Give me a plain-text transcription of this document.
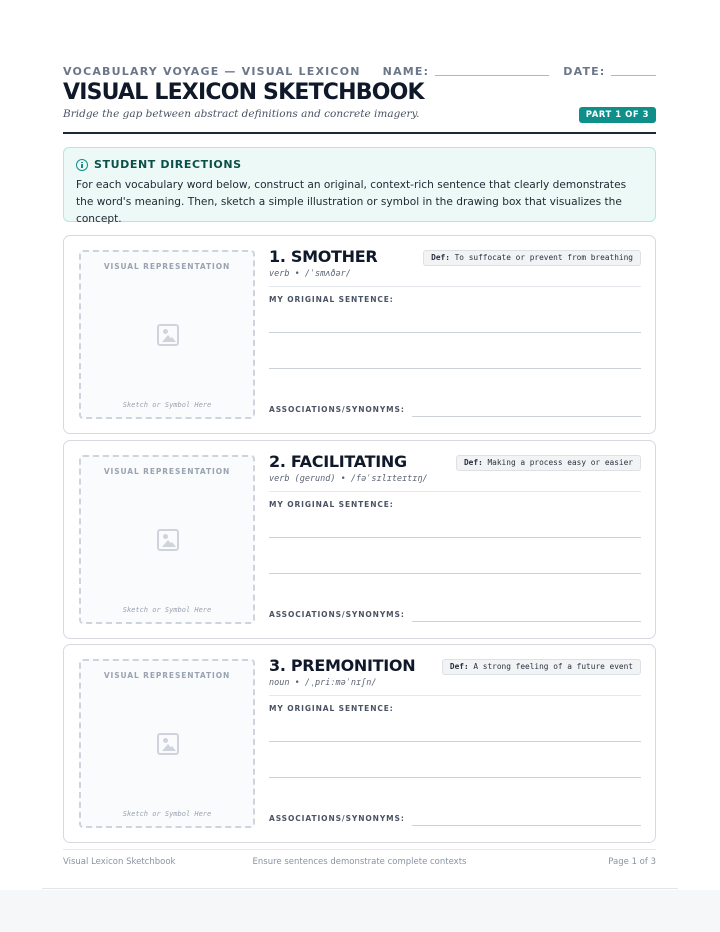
VOCABULARY VOYAGE — VISUAL LEXICON NAME:	DATE:
VISUAL LEXICON SKETCHBOOK
Bridge the gap between abstract definitions and concrete imagery.	PART 1 OF 3
STUDENT DIRECTIONS
For each vocabulary word below, construct an original, context-rich sentence that clearly demonstrates the word's meaning. Then, sketch a simple illustration or symbol in the drawing box that visualizes the concept.
VISUAL REPRESENTATION
Sketch or Symbol Here
1. SMOTHER
verb • /ˈsmʌðər/
Def: To suffocate or prevent from breathing
MY ORIGINAL SENTENCE:
ASSOCIATIONS/SYNONYMS:
VISUAL REPRESENTATION
Sketch or Symbol Here
2. FACILITATING
verb (gerund) • /fəˈsɪlɪteɪtɪŋ/
Def: Making a process easy or easier
MY ORIGINAL SENTENCE:
ASSOCIATIONS/SYNONYMS:
VISUAL REPRESENTATION
Sketch or Symbol Here
3. PREMONITION
noun • /ˌpriːməˈnɪʃn/
Def: A strong feeling of a future event
MY ORIGINAL SENTENCE:
ASSOCIATIONS/SYNONYMS:
Visual Lexicon Sketchbook	Ensure sentences demonstrate complete contexts	Page 1 of 3
